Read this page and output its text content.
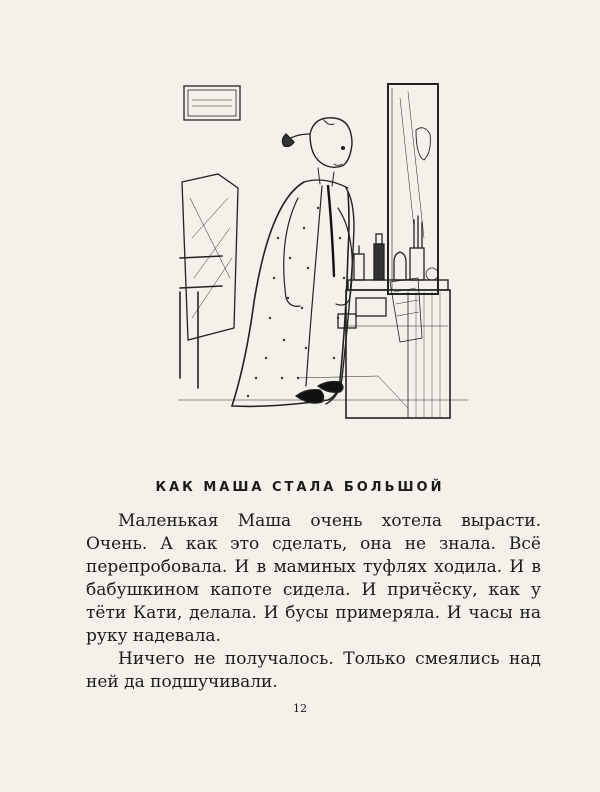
КАК МАША СТАЛА БОЛЬШОЙ

Маленькая Маша очень хотела вырасти. Очень. А как это сделать, она не знала. Всё перепробовала. И в маминых туфлях ходила. И в бабушкином капоте сидела. И причёску, как у тёти Кати, делала. И бусы примеряла. И часы на руку надевала.

Ничего не получалось. Только смеялись над ней да подшучивали.

12
